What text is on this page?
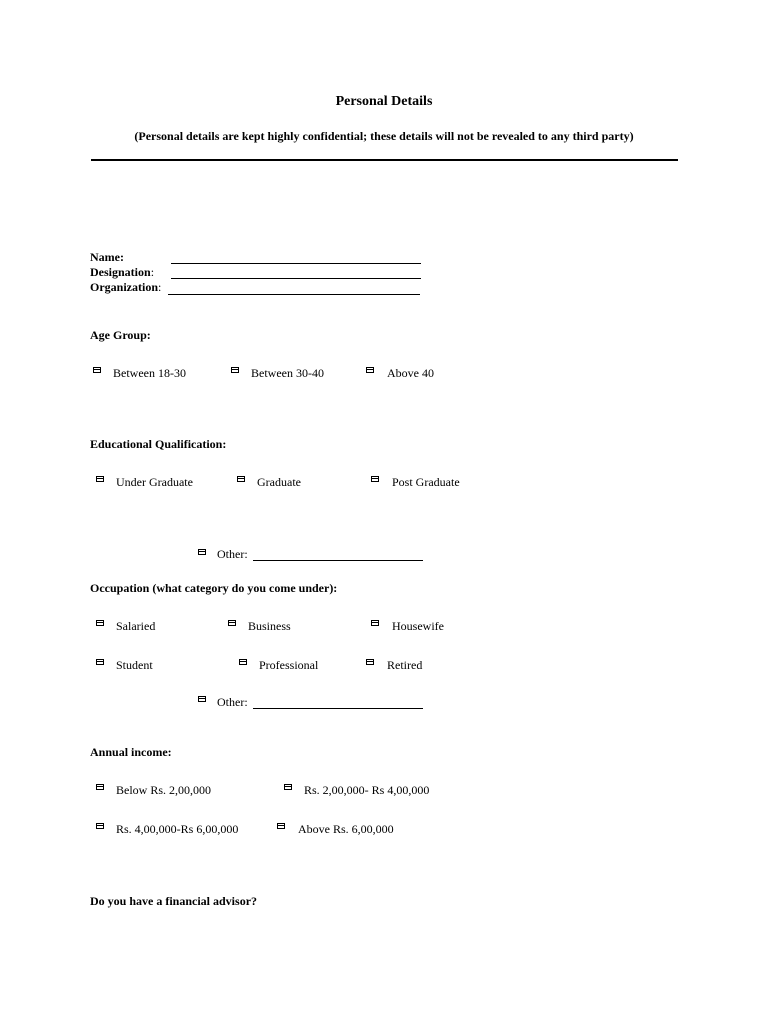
Personal Details
(Personal details are kept highly confidential; these details will not be revealed to any third party)
Name:
Designation:
Organization:
Age Group:
Between 18-30	Between 30-40	Above 40
Educational Qualification:
Under Graduate	Graduate	Post Graduate
Other:
Occupation (what category do you come under):
Salaried	Business	Housewife
Student	Professional	Retired
Other:
Annual income:
Below Rs. 2,00,000	Rs. 2,00,000- Rs 4,00,000
Rs. 4,00,000-Rs 6,00,000	Above Rs. 6,00,000
Do you have a financial advisor?
